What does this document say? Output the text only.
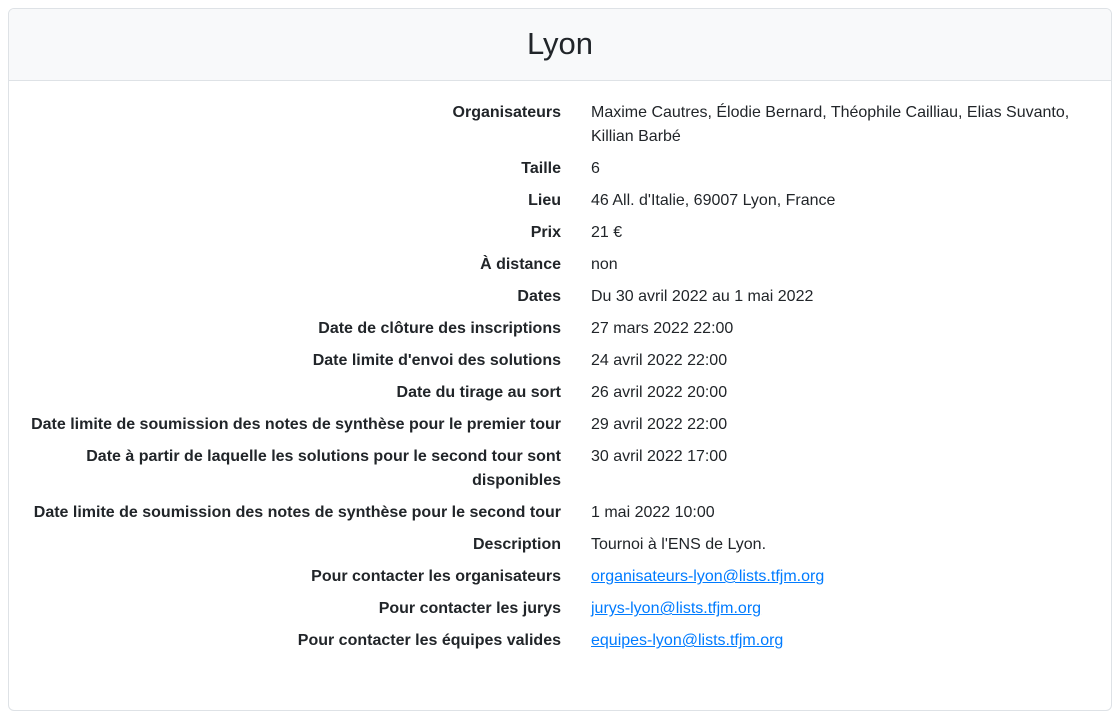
Lyon
Organisateurs Maxime Cautres, Élodie Bernard, Théophile Cailliau, Elias Suvanto, Killian Barbé
Taille 6
Lieu 46 All. d'Italie, 69007 Lyon, France
Prix 21 €
À distance non
Dates Du 30 avril 2022 au 1 mai 2022
Date de clôture des inscriptions 27 mars 2022 22:00
Date limite d'envoi des solutions 24 avril 2022 22:00
Date du tirage au sort 26 avril 2022 20:00
Date limite de soumission des notes de synthèse pour le premier tour 29 avril 2022 22:00
Date à partir de laquelle les solutions pour le second tour sont disponibles
30 avril 2022 17:00
Date limite de soumission des notes de synthèse pour le second tour 1 mai 2022 10:00
Description Tournoi à l'ENS de Lyon.
Pour contacter les organisateurs organisateurs-lyon@lists.tfjm.org
Pour contacter les jurys jurys-lyon@lists.tfjm.org
Pour contacter les équipes valides equipes-lyon@lists.tfjm.org
